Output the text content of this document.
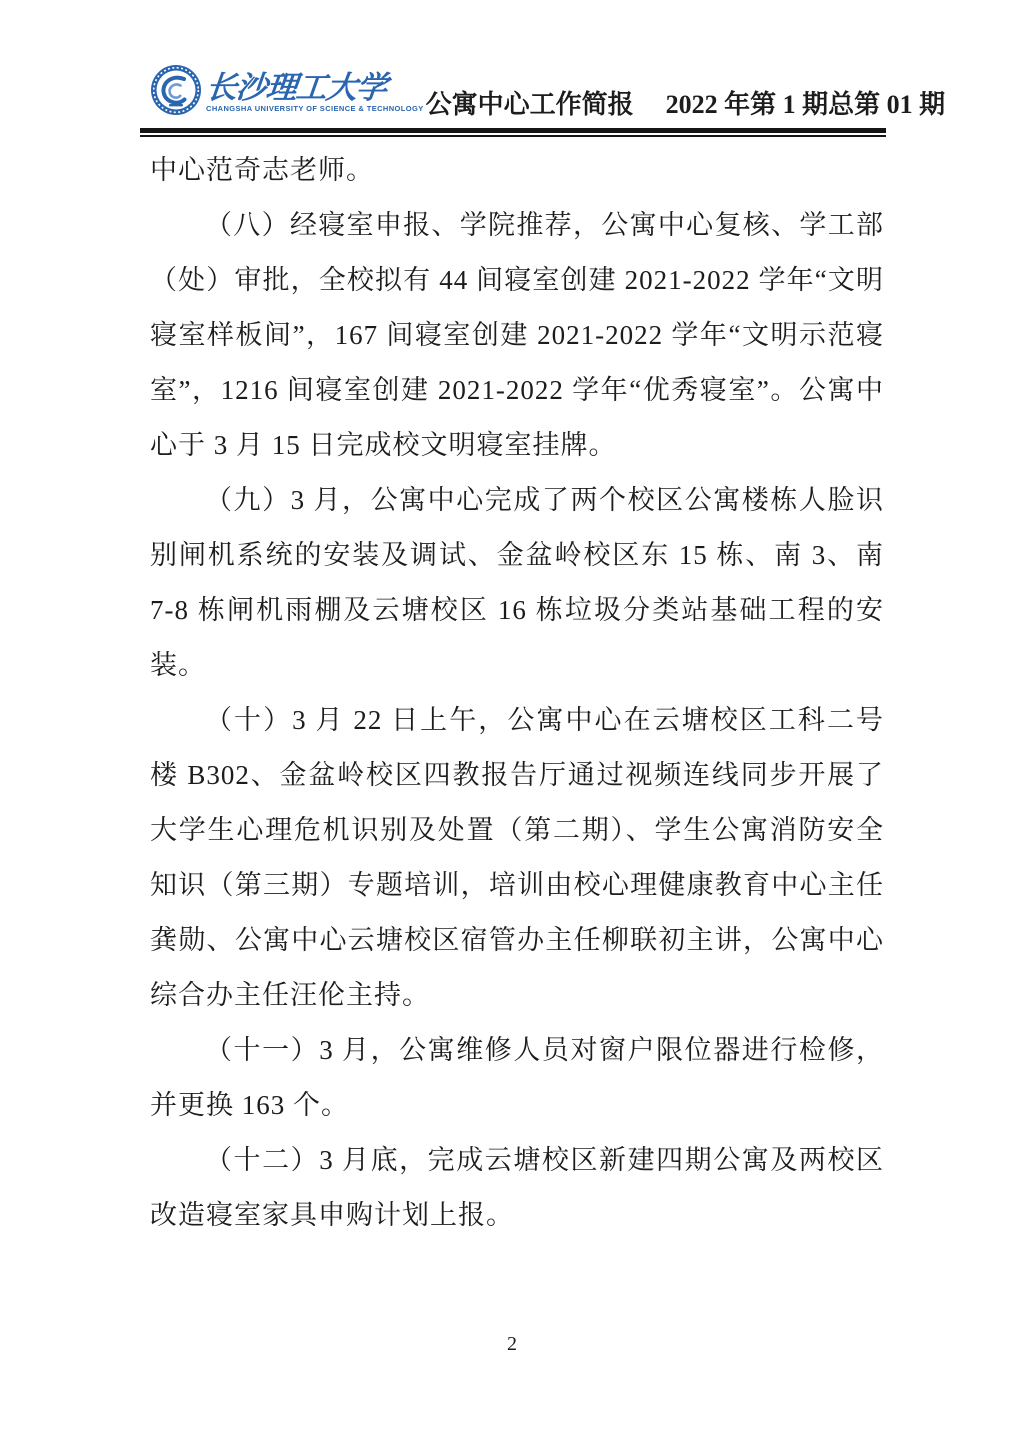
长沙理工大学
CHANGSHA UNIVERSITY OF SCIENCE & TECHNOLOGY 公寓中心工作简报 2022 年第 1 期总第 01 期

中心范奇志老师。

（八）经寝室申报、学院推荐，公寓中心复核、学工部（处）审批，全校拟有 44 间寝室创建 2021-2022 学年“文明寝室样板间”，167 间寝室创建 2021-2022 学年“文明示范寝室”，1216 间寝室创建 2021-2022 学年“优秀寝室”。公寓中心于 3 月 15 日完成校文明寝室挂牌。

（九）3 月，公寓中心完成了两个校区公寓楼栋人脸识别闸机系统的安装及调试、金盆岭校区东 15 栋、南 3、南 7-8 栋闸机雨棚及云塘校区 16 栋垃圾分类站基础工程的安装。

（十）3 月 22 日上午，公寓中心在云塘校区工科二号楼 B302、金盆岭校区四教报告厅通过视频连线同步开展了大学生心理危机识别及处置（第二期）、学生公寓消防安全知识（第三期）专题培训，培训由校心理健康教育中心主任龚勋、公寓中心云塘校区宿管办主任柳联初主讲，公寓中心综合办主任汪伦主持。

（十一）3 月，公寓维修人员对窗户限位器进行检修，并更换 163 个。

（十二）3 月底，完成云塘校区新建四期公寓及两校区改造寝室家具申购计划上报。

2
